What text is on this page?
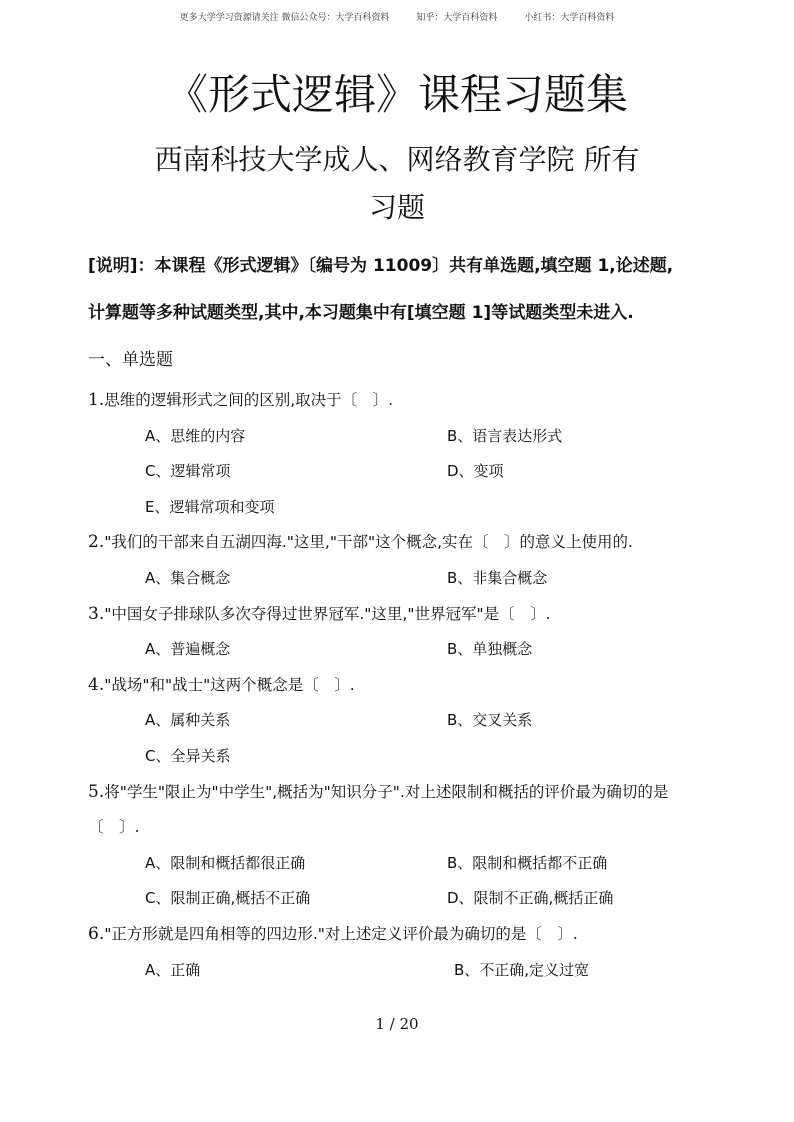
更多大学学习资源请关注 微信公众号：大学百科资料	知乎：大学百科资料	小红书：大学百科资料
《形式逻辑》课程习题集
西南科技大学成人、网络教育学院 所有
习题
[说明]：本课程《形式逻辑》〔编号为 11009〕共有单选题,填空题 1,论述题,
计算题等多种试题类型,其中,本习题集中有[填空题 1]等试题类型未进入.
一、单选题
1.思维的逻辑形式之间的区别,取决于〔　〕.
A、思维的内容	B、语言表达形式
C、逻辑常项	D、变项
E、逻辑常项和变项
2."我们的干部来自五湖四海."这里,"干部"这个概念,实在〔　〕的意义上使用的.
A、集合概念	B、非集合概念
3."中国女子排球队多次夺得过世界冠军."这里,"世界冠军"是〔　〕.
A、普遍概念	B、单独概念
4."战场"和"战士"这两个概念是〔　〕.
A、属种关系	B、交叉关系
C、全异关系
5.将"学生"限止为"中学生",概括为"知识分子".对上述限制和概括的评价最为确切的是
〔　〕.
A、限制和概括都很正确	B、限制和概括都不正确
C、限制正确,概括不正确	D、限制不正确,概括正确
6."正方形就是四角相等的四边形."对上述定义评价最为确切的是〔　〕.
A、正确	B、不正确,定义过宽
1 / 20
